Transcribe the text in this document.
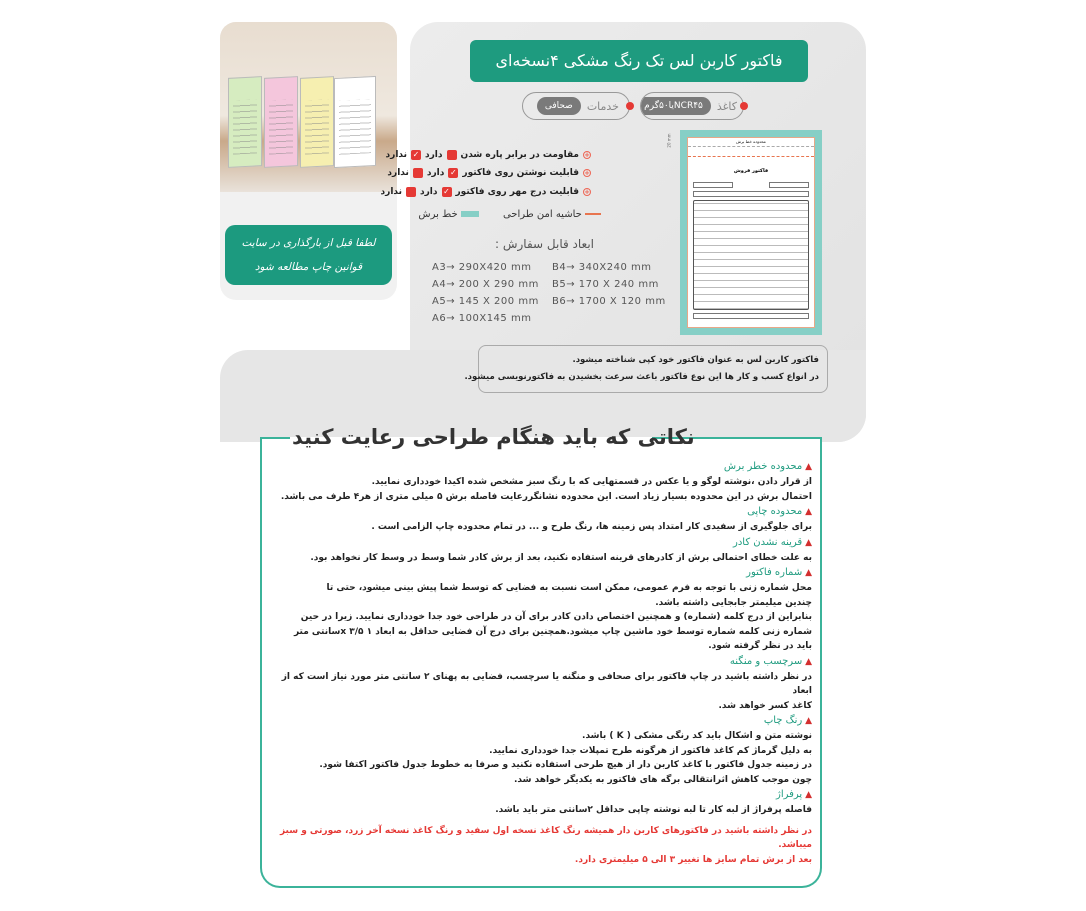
لطفا قبل از بارگذاری در سایت
قوانین چاپ مطالعه شود
فاکتور کاربن لس تک رنگ مشکی ۴نسخه‌ای
کاغذ
NCR۴۵یا۵۰گرم
خدمات
صحافی
+
مقاومت در برابر پاره شدن
دارد
✓
ندارد
+
قابلیت نوشتن روی فاکتور
✓
دارد
ندارد
+
قابلیت درج مهر روی فاکتور
✓
دارد
ندارد
حاشیه امن طراحی
خط برش
ابعاد قابل سفارش :
A3→ 290X420 mm
A4→ 200 X 290 mm
A5→ 145 X 200 mm
A6→ 100X145 mm
B4→ 340X240 mm
B5→ 170 X 240 mm
B6→ 1700 X 120 mm
محدوده خط برش
فاکتور فروش
20 mm
فاکتور کاربن لس به عنوان فاکتور خود کپی شناخته میشود.
در انواع کسب و کار ها این نوع فاکتور باعث سرعت بخشیدن به فاکتورنویسی میشود.
▲ محدوده خطر برش
از قرار دادن ،نوشته لوگو و یا عکس در قسمتهایی که با رنگ سبز مشخص شده اکیدا خودداری نمایید.
احتمال برش در این محدوده بسیار زیاد است. این محدوده نشانگررعایت فاصله برش ۵ میلی متری از هر۴ طرف می باشد.
▲ محدوده چاپی
برای جلوگیری از سفیدی کار امتداد پس زمینه ها، رنگ طرح و ... در تمام محدوده چاپ الزامی است .
▲ قرینه نشدن کادر
به علت خطای احتمالی برش از کادرهای قرینه استفاده نکنید، بعد از برش کادر شما وسط در وسط کار نخواهد بود.
▲ شماره فاکتور
محل شماره زنی با توجه به فرم عمومی، ممکن است نسبت به فضایی که توسط شما پیش بینی میشود، حتی تا
چندین میلیمتر جابجایی داشته باشد.
بنابراین از درج کلمه (شماره) و همچنین اختصاص دادن کادر برای آن در طراحی خود جدا خودداری نمایید. زیرا در حین
شماره زنی کلمه شماره توسط خود ماشین چاپ میشود.همچنین برای درج آن فضایی حداقل به ابعاد ۱ x ۳/۵سانتی متر
باید در نظر گرفته شود.
▲ سرچسب و منگنه
در نظر داشته باشید در چاپ فاکتور برای صحافی و منگنه یا سرچسب، فضایی به پهنای ۲ سانتی متر مورد نیاز است که از ابعاد
کاغذ کسر خواهد شد.
▲ رنگ چاپ
نوشته متن و اشکال باید کد رنگی مشکی ( K ) باشد.
به دلیل گرماژ کم کاغذ فاکتور از هرگونه طرح تمپلات جدا خودداری نمایید.
در زمینه جدول فاکتور با کاغذ کاربن دار از هیچ طرحی استفاده نکنید و صرفا به خطوط جدول فاکتور اکتفا شود.
چون موجب کاهش اثرانتقالی برگه های فاکتور به یکدیگر خواهد شد.
▲ پرفراژ
فاصله پرفراژ از لبه کار تا لبه نوشته چاپی حداقل ۲سانتی متر باید باشد.
در نظر داشته باشید در فاکتورهای کاربن دار همیشه رنگ کاغذ نسخه اول سفید و رنگ کاغذ نسخه آخر زرد، صورتی و سبز میباشد.
بعد از برش تمام سایز ها تغییر ۳ الی ۵ میلیمتری دارد.
نکاتی که باید هنگام طراحی رعایت کنید
